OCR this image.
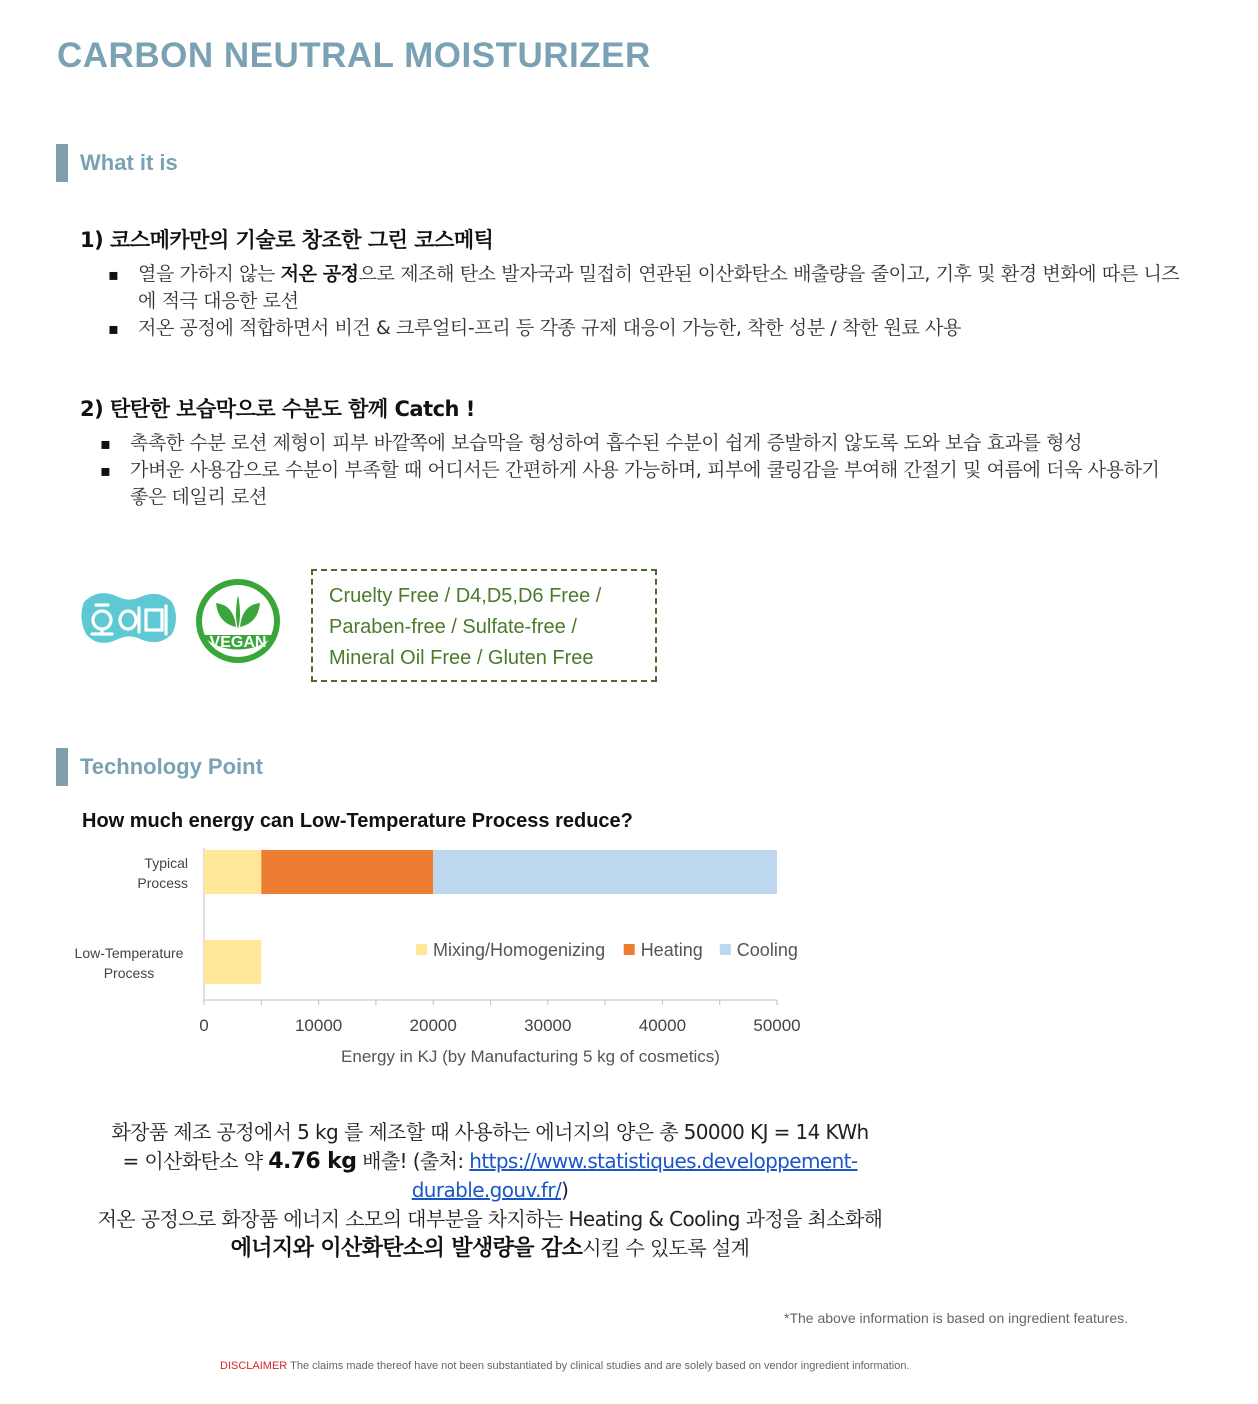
CARBON NEUTRAL MOISTURIZER
What it is
1) 코스메카만의 기술로 창조한 그린 코스메틱
▪ 열을 가하지 않는 저온 공정으로 제조해 탄소 발자국과 밀접히 연관된 이산화탄소 배출량을 줄이고, 기후 및 환경 변화에 따른 니즈에 적극 대응한 로션
▪ 저온 공정에 적합하면서 비건 & 크루얼티-프리 등 각종 규제 대응이 가능한, 착한 성분 / 착한 원료 사용
2) 탄탄한 보습막으로 수분도 함께 Catch !
▪ 촉촉한 수분 로션 제형이 피부 바깥쪽에 보습막을 형성하여 흡수된 수분이 쉽게 증발하지 않도록 도와 보습 효과를 형성
▪ 가벼운 사용감으로 수분이 부족할 때 어디서든 간편하게 사용 가능하며, 피부에 쿨링감을 부여해 간절기 및 여름에 더욱 사용하기 좋은 데일리 로션
VEGAN
Cruelty Free / D4,D5,D6 Free /
Paraben-free / Sulfate-free /
Mineral Oil Free / Gluten Free
Technology Point
How much energy can Low-Temperature Process reduce?
0	10000	20000	30000	40000	50000
Energy in KJ (by Manufacturing 5 kg of cosmetics)
Typical Process
Low-Temperature Process
Mixing/Homogenizing Heating Cooling
화장품 제조 공정에서 5 kg 를 제조할 때 사용하는 에너지의 양은 총 50000 KJ = 14 KWh
= 이산화탄소 약 4.76 kg 배출! (출처: https://www.statistiques.developpement-durable.gouv.fr/)
저온 공정으로 화장품 에너지 소모의 대부분을 차지하는 Heating & Cooling 과정을 최소화해
에너지와 이산화탄소의 발생량을 감소시킬 수 있도록 설계
*The above information is based on ingredient features.
DISCLAIMER The claims made thereof have not been substantiated by clinical studies and are solely based on vendor ingredient information.
